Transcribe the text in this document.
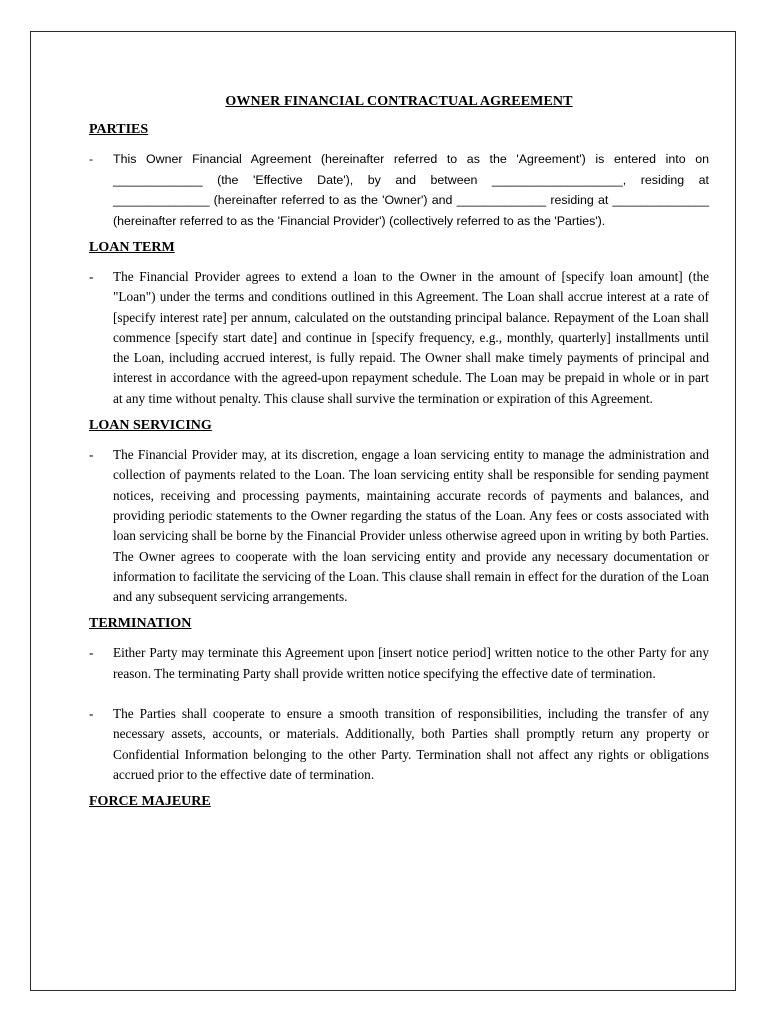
OWNER FINANCIAL CONTRACTUAL AGREEMENT
PARTIES
- This Owner Financial Agreement (hereinafter referred to as the 'Agreement') is entered into on _____________ (the 'Effective Date'), by and between ___________________, residing at ______________ (hereinafter referred to as the 'Owner') and _____________ residing at ______________ (hereinafter referred to as the 'Financial Provider') (collectively referred to as the 'Parties').
LOAN TERM
- The Financial Provider agrees to extend a loan to the Owner in the amount of [specify loan amount] (the "Loan") under the terms and conditions outlined in this Agreement. The Loan shall accrue interest at a rate of [specify interest rate] per annum, calculated on the outstanding principal balance. Repayment of the Loan shall commence [specify start date] and continue in [specify frequency, e.g., monthly, quarterly] installments until the Loan, including accrued interest, is fully repaid. The Owner shall make timely payments of principal and interest in accordance with the agreed-upon repayment schedule. The Loan may be prepaid in whole or in part at any time without penalty. This clause shall survive the termination or expiration of this Agreement.
LOAN SERVICING
- The Financial Provider may, at its discretion, engage a loan servicing entity to manage the administration and collection of payments related to the Loan. The loan servicing entity shall be responsible for sending payment notices, receiving and processing payments, maintaining accurate records of payments and balances, and providing periodic statements to the Owner regarding the status of the Loan. Any fees or costs associated with loan servicing shall be borne by the Financial Provider unless otherwise agreed upon in writing by both Parties. The Owner agrees to cooperate with the loan servicing entity and provide any necessary documentation or information to facilitate the servicing of the Loan. This clause shall remain in effect for the duration of the Loan and any subsequent servicing arrangements.
TERMINATION
- Either Party may terminate this Agreement upon [insert notice period] written notice to the other Party for any reason. The terminating Party shall provide written notice specifying the effective date of termination.
- The Parties shall cooperate to ensure a smooth transition of responsibilities, including the transfer of any necessary assets, accounts, or materials. Additionally, both Parties shall promptly return any property or Confidential Information belonging to the other Party. Termination shall not affect any rights or obligations accrued prior to the effective date of termination.
FORCE MAJEURE
